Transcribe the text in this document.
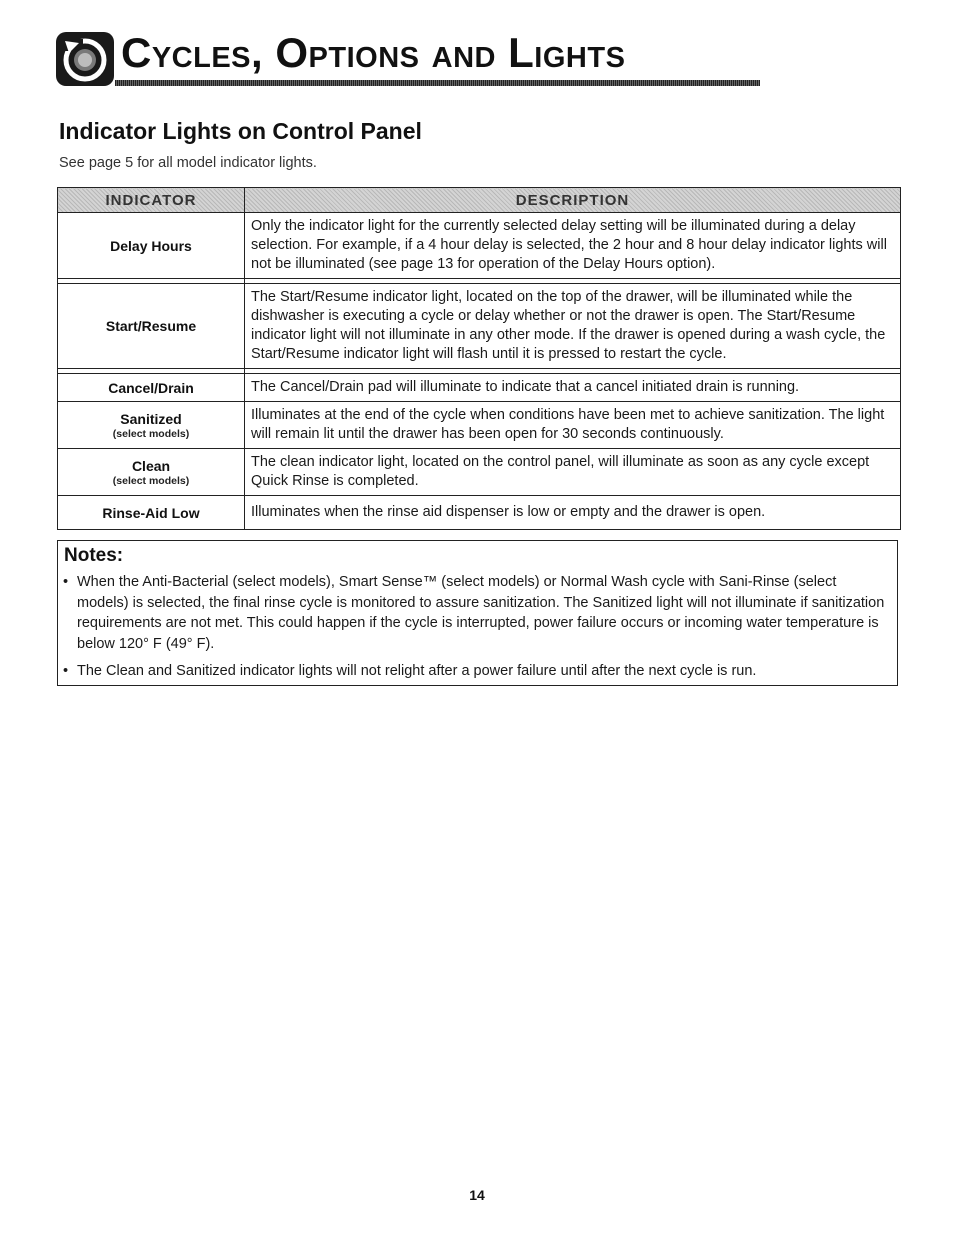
Cycles, Options and Lights
Indicator Lights on Control Panel
See page 5 for all model indicator lights.
INDICATOR	DESCRIPTION
Delay Hours	Only the indicator light for the currently selected delay setting will be illuminated during a delay selection. For example, if a 4 hour delay is selected, the 2 hour and 8 hour delay indicator lights will not be illuminated (see page 13 for operation of the Delay Hours option).

Start/Resume	The Start/Resume indicator light, located on the top of the drawer, will be illuminated while the dishwasher is executing a cycle or delay whether or not the drawer is open. The Start/Resume indicator light will not illuminate in any other mode. If the drawer is opened during a wash cycle, the Start/Resume indicator light will flash until it is pressed to restart the cycle.

Cancel/Drain	The Cancel/Drain pad will illuminate to indicate that a cancel initiated drain is running.
Sanitized
(select models)	Illuminates at the end of the cycle when conditions have been met to achieve sanitization. The light will remain lit until the drawer has been open for 30 seconds continuously.
Clean
(select models)	The clean indicator light, located on the control panel, will illuminate as soon as any cycle except Quick Rinse is completed.
Rinse-Aid Low	Illuminates when the rinse aid dispenser is low or empty and the drawer is open.
Notes:
• When the Anti-Bacterial (select models), Smart Sense™ (select models) or Normal Wash cycle with Sani-Rinse (select models) is selected, the final rinse cycle is monitored to assure sanitization. The Sanitized light will not illuminate if sanitization requirements are not met. This could happen if the cycle is interrupted, power failure occurs or incoming water temperature is below 120° F (49° F).
• The Clean and Sanitized indicator lights will not relight after a power failure until after the next cycle is run.
14
